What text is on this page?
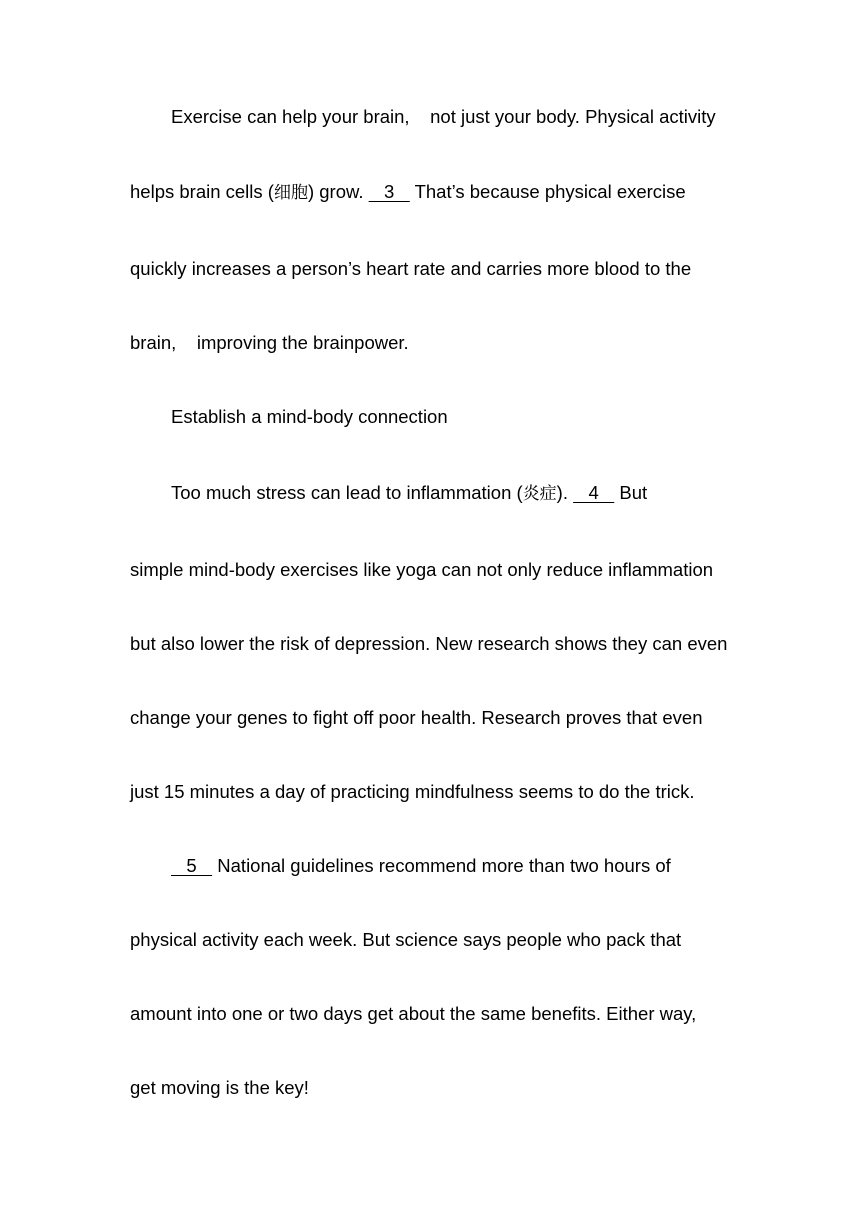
Exercise can help your brain,    not just your body. Physical activity
helps brain cells (细胞) grow.    3    That’s because physical exercise
quickly increases a person’s heart rate and carries more blood to the
brain,    improving the brainpower.
Establish a mind-body connection
Too much stress can lead to inflammation (炎症).    4    But
simple mind-body exercises like yoga can not only reduce inflammation
but also lower the risk of depression. New research shows they can even
change your genes to fight off poor health. Research proves that even
just 15 minutes a day of practicing mindfulness seems to do the trick.
5    National guidelines recommend more than two hours of
physical activity each week. But science says people who pack that
amount into one or two days get about the same benefits. Either way,
get moving is the key!
